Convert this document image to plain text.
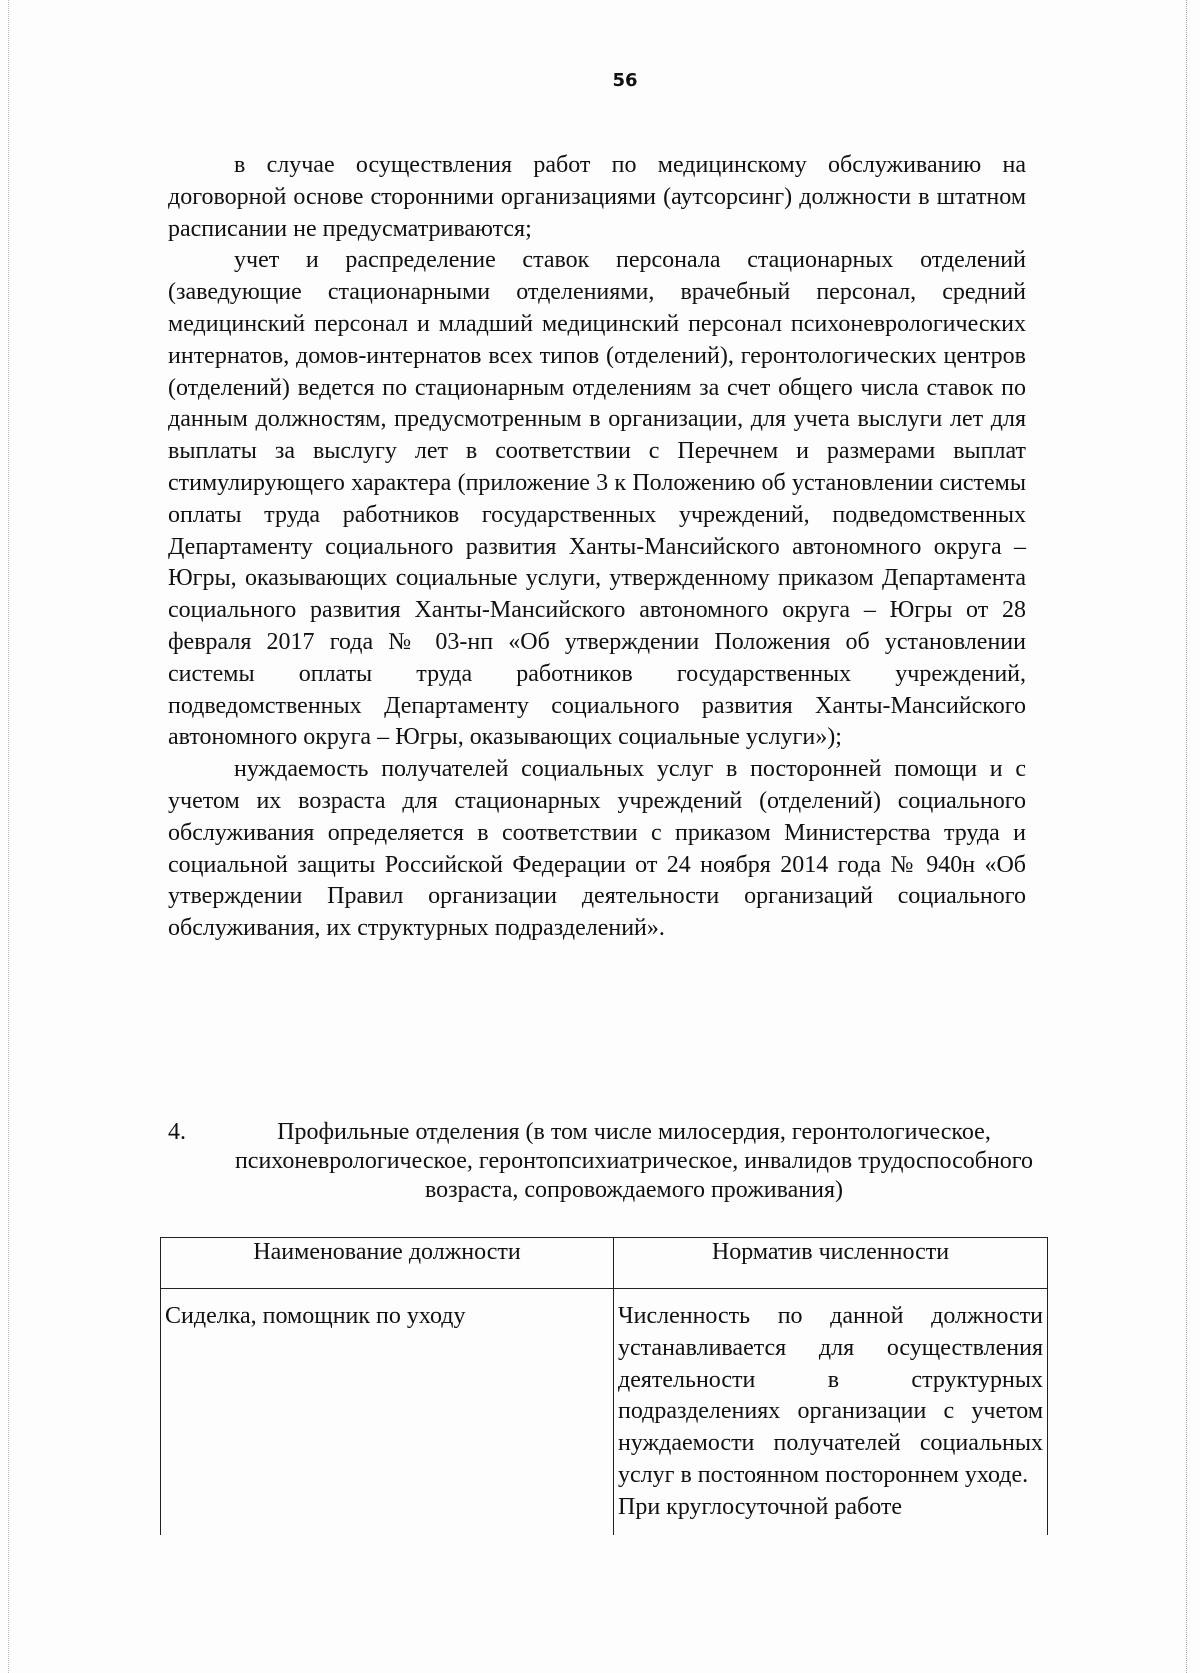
56

в случае осуществления работ по медицинскому обслуживанию на договорной основе сторонними организациями (аутсорсинг) должности в штатном расписании не предусматриваются;

учет и распределение ставок персонала стационарных отделений (заведующие стационарными отделениями, врачебный персонал, средний медицинский персонал и младший медицинский персонал психоневрологических интернатов, домов-интернатов всех типов (отделений), геронтологических центров (отделений) ведется по стационарным отделениям за счет общего числа ставок по данным должностям, предусмотренным в организации, для учета выслуги лет для выплаты за выслугу лет в соответствии с Перечнем и размерами выплат стимулирующего характера (приложение 3 к Положению об установлении системы оплаты труда работников государственных учреждений, подведомственных Департаменту социального развития Ханты-Мансийского автономного округа – Югры, оказывающих социальные услуги, утвержденному приказом Департамента социального развития Ханты-Мансийского автономного округа – Югры от 28 февраля 2017 года № 03-нп «Об утверждении Положения об установлении системы оплаты труда работников государственных учреждений, подведомственных Департаменту социального развития Ханты-Мансийского автономного округа – Югры, оказывающих социальные услуги»);

нуждаемость получателей социальных услуг в посторонней помощи и с учетом их возраста для стационарных учреждений (отделений) социального обслуживания определяется в соответствии с приказом Министерства труда и социальной защиты Российской Федерации от 24 ноября 2014 года № 940н «Об утверждении Правил организации деятельности организаций социального обслуживания, их структурных подразделений».

4.	Профильные отделения (в том числе милосердия, геронтологическое, психоневрологическое, геронтопсихиатрическое, инвалидов трудоспособного возраста, сопровождаемого проживания)
Наименование должности	Норматив численности
Сиделка, помощник по уходу	Численность по данной должности устанавливается для осуществления деятельности в структурных подразделениях организации с учетом нуждаемости получателей социальных услуг в постоянном постороннем уходе.
При круглосуточной работе
